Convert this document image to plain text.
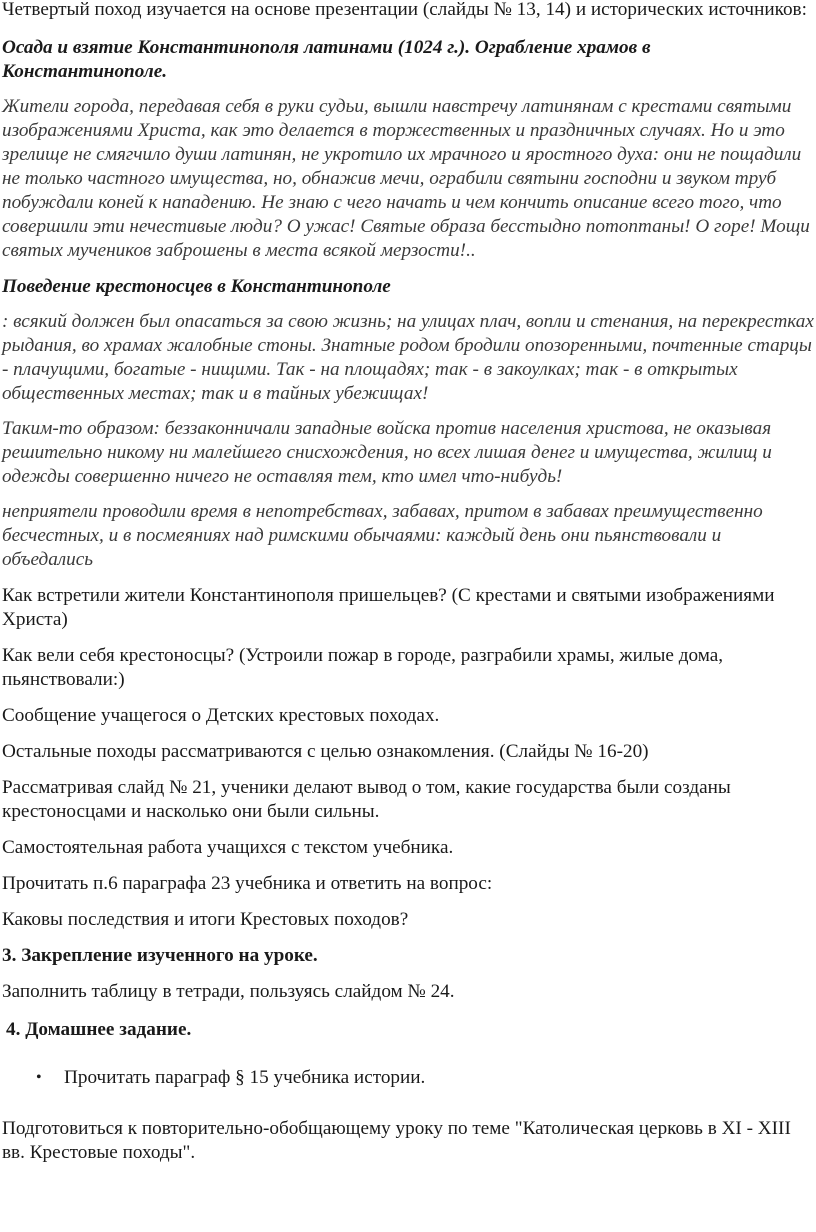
Четвертый поход изучается на основе презентации (слайды № 13, 14) и исторических источников:

Осада и взятие Константинополя латинами (1024 г.). Ограбление храмов в Константинополе.

Жители города, передавая себя в руки судьи, вышли навстречу латинянам с крестами святыми изображениями Христа, как это делается в торжественных и праздничных случаях. Но и это зрелище не смягчило души латинян, не укротило их мрачного и яростного духа: они не пощадили не только частного имущества, но, обнажив мечи, ограбили святыни господни и звуком труб побуждали коней к нападению. Не знаю с чего начать и чем кончить описание всего того, что совершили эти нечестивые люди? О ужас! Святые образа бесстыдно потоптаны! О горе! Мощи святых мучеников заброшены в места всякой мерзости!..

Поведение крестоносцев в Константинополе

: всякий должен был опасаться за свою жизнь; на улицах плач, вопли и стенания, на перекрестках рыдания, во храмах жалобные стоны. Знатные родом бродили опозоренными, почтенные старцы - плачущими, богатые - нищими. Так - на площадях; так - в закоулках; так - в открытых общественных местах; так и в тайных убежищах!

Таким-то образом: беззаконничали западные войска против населения христова, не оказывая решительно никому ни малейшего снисхождения, но всех лишая денег и имущества, жилищ и одежды совершенно ничего не оставляя тем, кто имел что-нибудь!

неприятели проводили время в непотребствах, забавах, притом в забавах преимущественно бесчестных, и в посмеяниях над римскими обычаями: каждый день они пьянствовали и объедались

Как встретили жители Константинополя пришельцев? (С крестами и святыми изображениями Христа)

Как вели себя крестоносцы? (Устроили пожар в городе, разграбили храмы, жилые дома, пьянствовали:)

Сообщение учащегося о Детских крестовых походах.

Остальные походы рассматриваются с целью ознакомления. (Слайды № 16-20)

Рассматривая слайд № 21, ученики делают вывод о том, какие государства были созданы крестоносцами и насколько они были сильны.

Самостоятельная работа учащихся с текстом учебника.

Прочитать п.6 параграфа 23 учебника и ответить на вопрос:

Каковы последствия и итоги Крестовых походов?

3. Закрепление изученного на уроке.

Заполнить таблицу в тетради, пользуясь слайдом № 24.

4. Домашнее задание.

• Прочитать параграф § 15 учебника истории.

Подготовиться к повторительно-обобщающему уроку по теме "Католическая церковь в XI - XIII вв. Крестовые походы".
